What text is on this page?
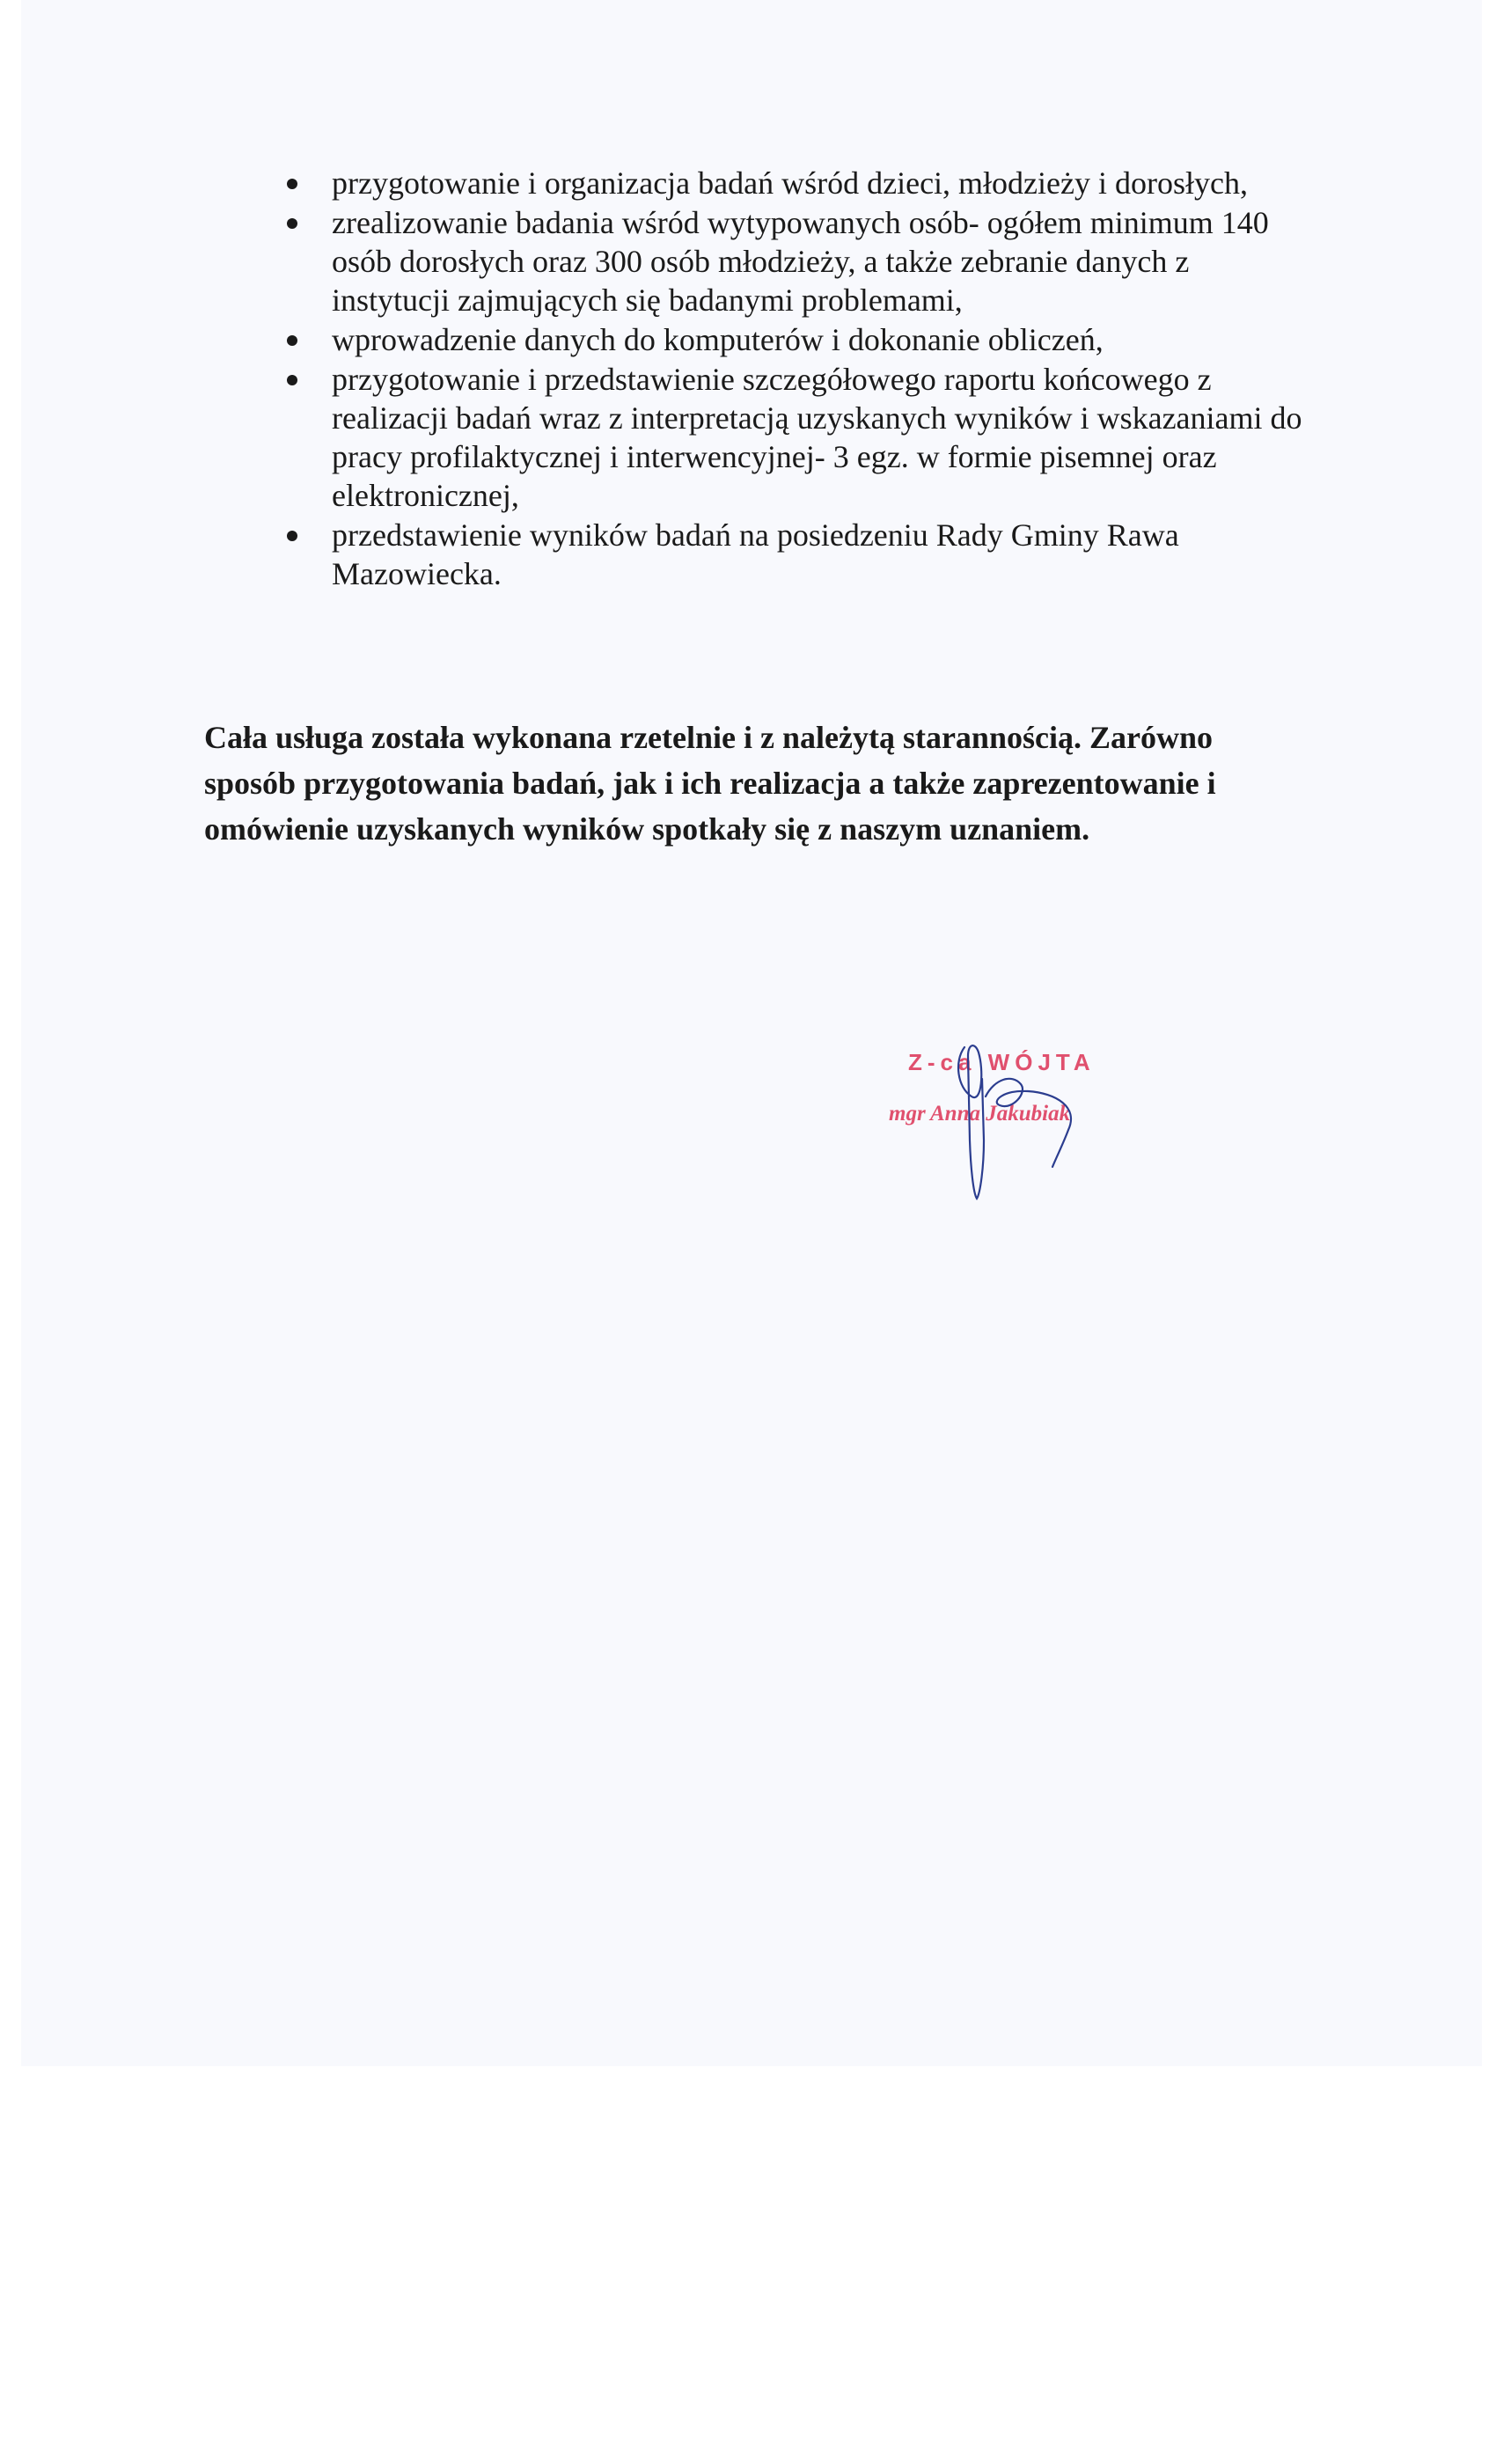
przygotowanie i organizacja badań wśród dzieci, młodzieży i dorosłych,
zrealizowanie badania wśród wytypowanych osób- ogółem minimum 140 osób dorosłych oraz 300 osób młodzieży, a także zebranie danych z instytucji zajmujących się badanymi problemami,
wprowadzenie danych do komputerów i dokonanie obliczeń,
przygotowanie i przedstawienie szczegółowego raportu końcowego z realizacji badań wraz z interpretacją uzyskanych wyników i wskazaniami do pracy profilaktycznej i interwencyjnej- 3 egz. w formie pisemnej oraz elektronicznej,
przedstawienie wyników badań na posiedzeniu Rady Gminy Rawa Mazowiecka.

Cała usługa została wykonana rzetelnie i z należytą starannością. Zarówno sposób przygotowania badań, jak i ich realizacja a także zaprezentowanie i omówienie uzyskanych wyników spotkały się z naszym uznaniem.

Z-ca WÓJTA
mgr Anna Jakubiak
